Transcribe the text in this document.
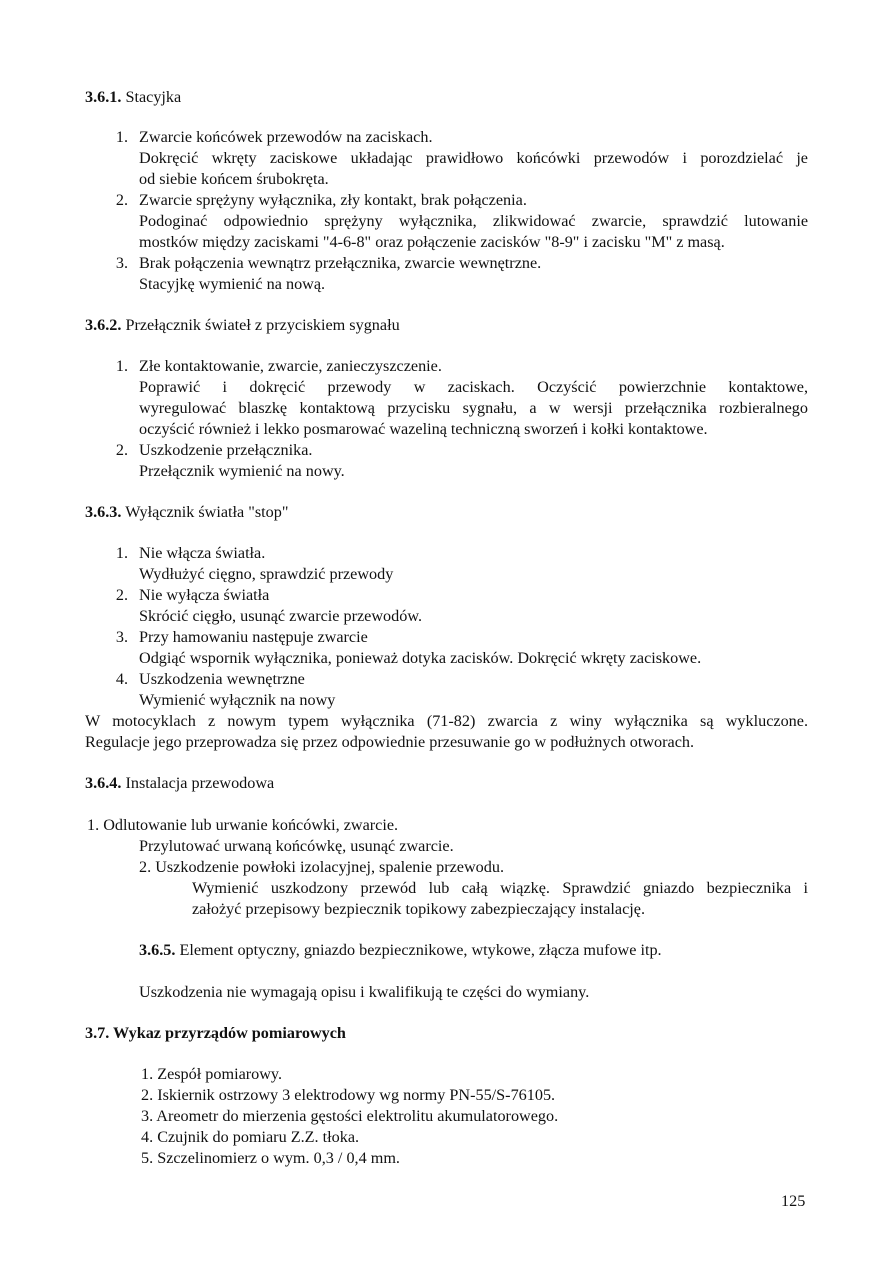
3.6.1. Stacyjka
1. Zwarcie końcówek przewodów na zaciskach.
Dokręcić wkręty zaciskowe układając prawidłowo końcówki przewodów i porozdzielać je
od siebie końcem śrubokręta.
2. Zwarcie sprężyny wyłącznika, zły kontakt, brak połączenia.
Podoginać odpowiednio sprężyny wyłącznika, zlikwidować zwarcie, sprawdzić lutowanie
mostków między zaciskami "4-6-8" oraz połączenie zacisków "8-9" i zacisku "M" z masą.
3. Brak połączenia wewnątrz przełącznika, zwarcie wewnętrzne.
Stacyjkę wymienić na nową.
3.6.2. Przełącznik świateł z przyciskiem sygnału
1. Złe kontaktowanie, zwarcie, zanieczyszczenie.
Poprawić i dokręcić przewody w zaciskach. Oczyścić powierzchnie kontaktowe,
wyregulować blaszkę kontaktową przycisku sygnału, a w wersji przełącznika rozbieralnego
oczyścić również i lekko posmarować wazeliną techniczną sworzeń i kołki kontaktowe.
2. Uszkodzenie przełącznika.
Przełącznik wymienić na nowy.
3.6.3. Wyłącznik światła "stop"
1. Nie włącza światła.
Wydłużyć cięgno, sprawdzić przewody
2. Nie wyłącza światła
Skrócić cięgło, usunąć zwarcie przewodów.
3. Przy hamowaniu następuje zwarcie
Odgiąć wspornik wyłącznika, ponieważ dotyka zacisków. Dokręcić wkręty zaciskowe.
4. Uszkodzenia wewnętrzne
Wymienić wyłącznik na nowy
W motocyklach z nowym typem wyłącznika (71-82) zwarcia z winy wyłącznika są wykluczone.
Regulacje jego przeprowadza się przez odpowiednie przesuwanie go w podłużnych otworach.
3.6.4. Instalacja przewodowa
1. Odlutowanie lub urwanie końcówki, zwarcie.
Przylutować urwaną końcówkę, usunąć zwarcie.
2. Uszkodzenie powłoki izolacyjnej, spalenie przewodu.
Wymienić uszkodzony przewód lub całą wiązkę. Sprawdzić gniazdo bezpiecznika i
założyć przepisowy bezpiecznik topikowy zabezpieczający instalację.
3.6.5. Element optyczny, gniazdo bezpiecznikowe, wtykowe, złącza mufowe itp.
Uszkodzenia nie wymagają opisu i kwalifikują te części do wymiany.
3.7. Wykaz przyrządów pomiarowych
1. Zespół pomiarowy.
2. Iskiernik ostrzowy 3 elektrodowy wg normy PN-55/S-76105.
3. Areometr do mierzenia gęstości elektrolitu akumulatorowego.
4. Czujnik do pomiaru Z.Z. tłoka.
5. Szczelinomierz o wym. 0,3 / 0,4 mm.
125
